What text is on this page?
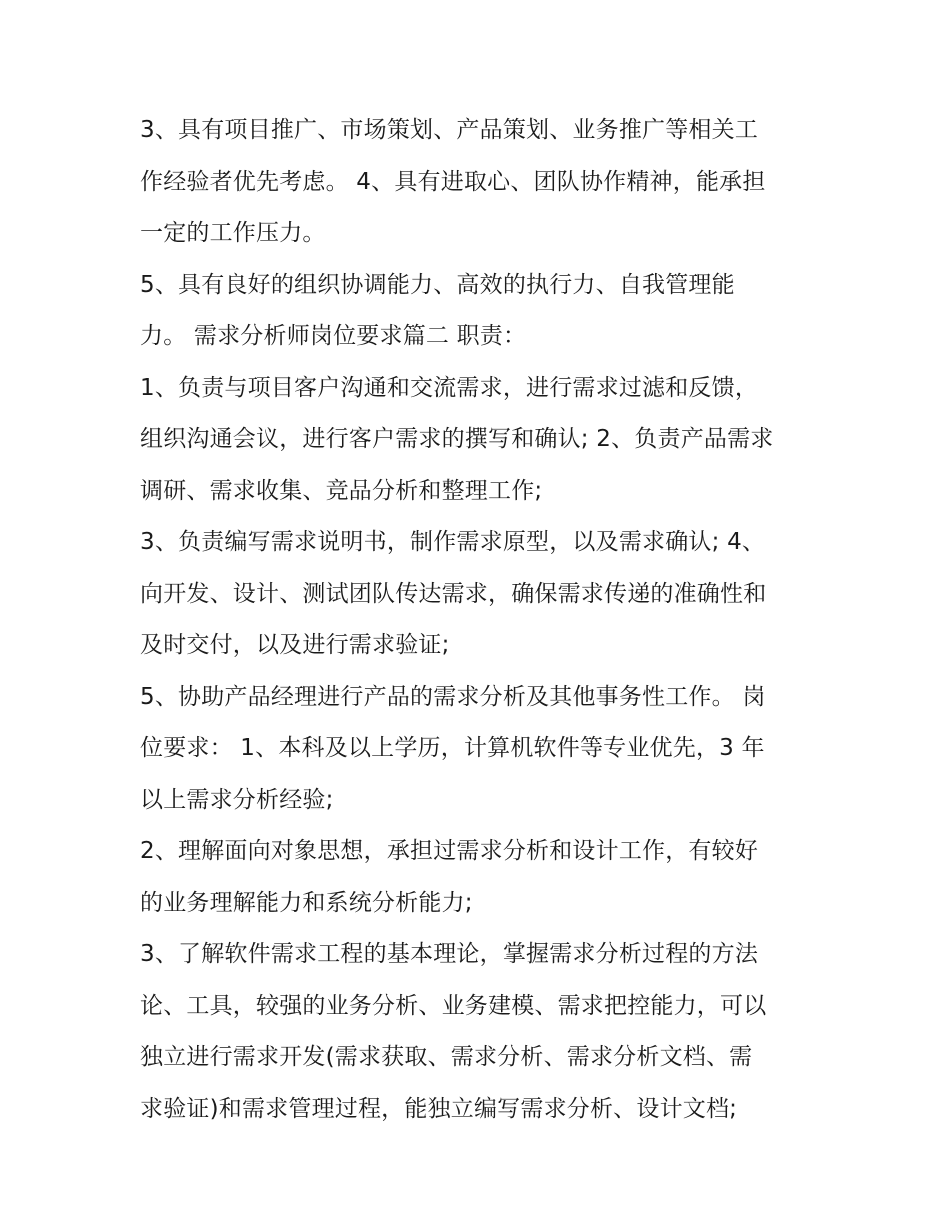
3、具有项目推广、市场策划、产品策划、业务推广等相关工
作经验者优先考虑。 4、具有进取心、团队协作精神，能承担
一定的工作压力。

5、具有良好的组织协调能力、高效的执行力、自我管理能
力。 需求分析师岗位要求篇二 职责：

1、负责与项目客户沟通和交流需求，进行需求过滤和反馈，
组织沟通会议，进行客户需求的撰写和确认; 2、负责产品需求
调研、需求收集、竞品分析和整理工作;

3、负责编写需求说明书，制作需求原型，以及需求确认; 4、
向开发、设计、测试团队传达需求，确保需求传递的准确性和
及时交付，以及进行需求验证;

5、协助产品经理进行产品的需求分析及其他事务性工作。 岗
位要求： 1、本科及以上学历，计算机软件等专业优先，3 年
以上需求分析经验;

2、理解面向对象思想，承担过需求分析和设计工作，有较好
的业务理解能力和系统分析能力;

3、了解软件需求工程的基本理论，掌握需求分析过程的方法
论、工具，较强的业务分析、业务建模、需求把控能力，可以
独立进行需求开发(需求获取、需求分析、需求分析文档、需
求验证)和需求管理过程，能独立编写需求分析、设计文档;
